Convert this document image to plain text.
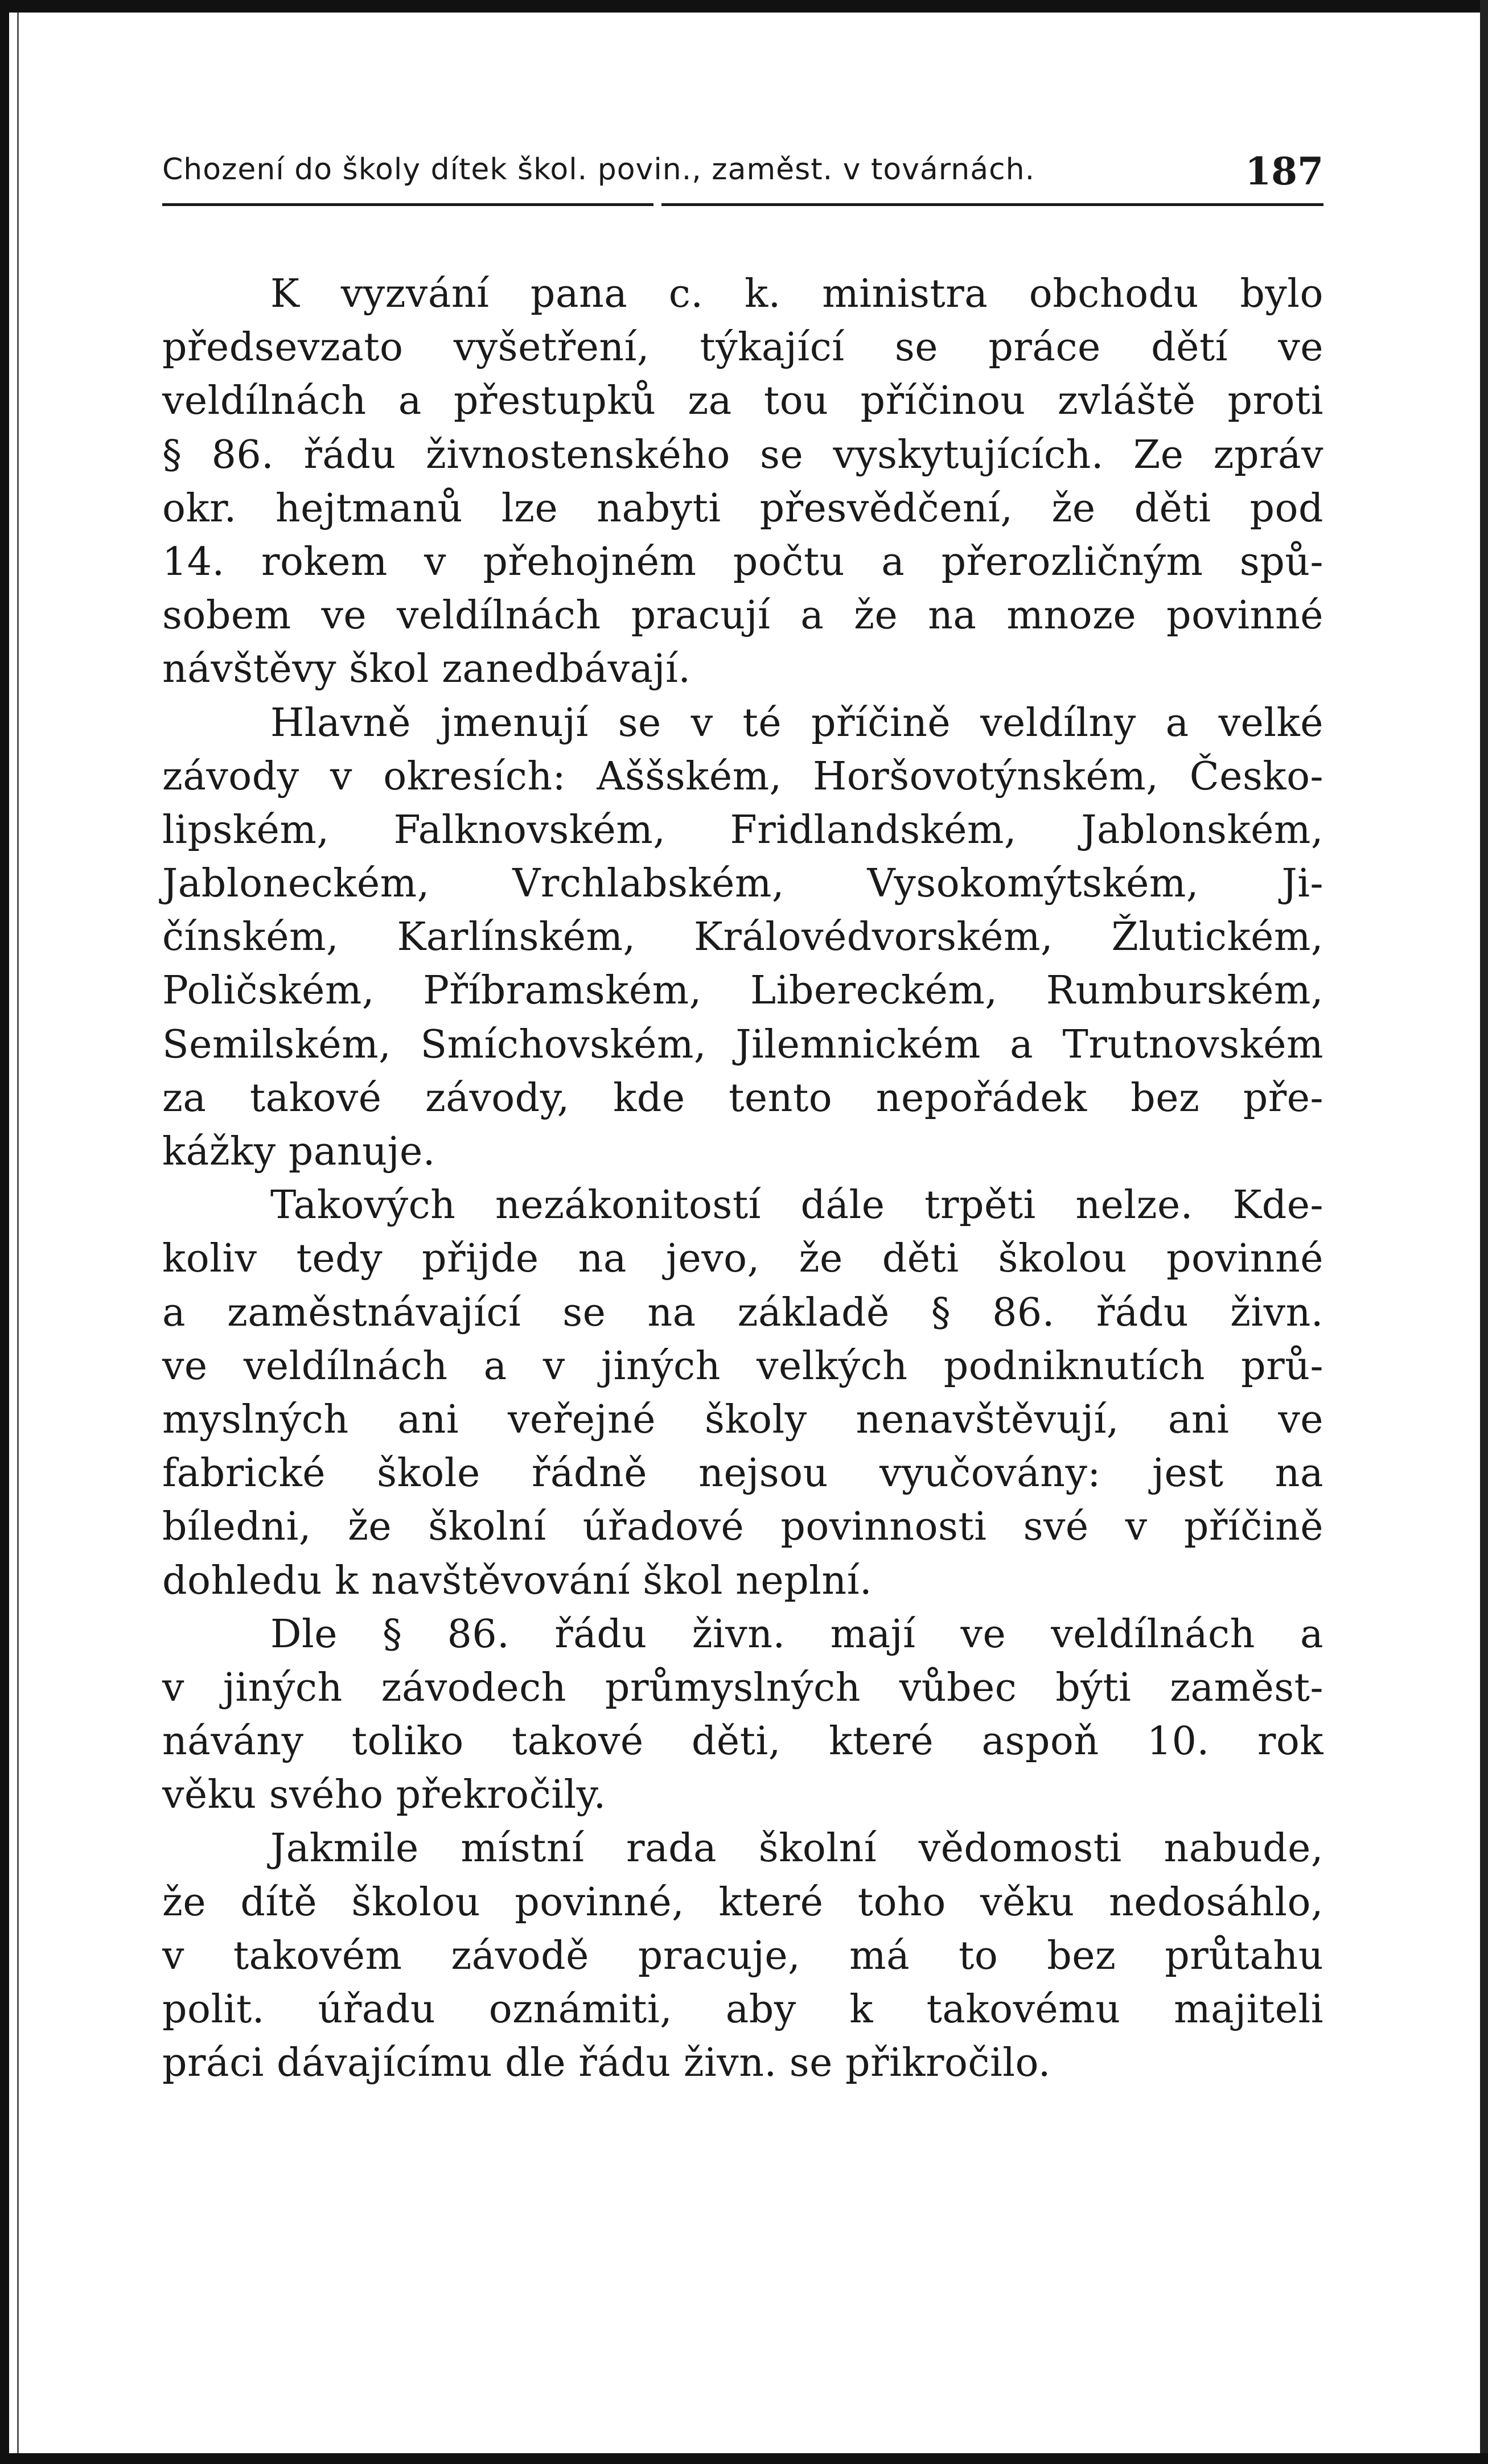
Chození do školy dítek škol. povin., zaměst. v továrnách.	187
K vyzvání pana c. k. ministra obchodu bylo
předsevzato vyšetření, týkající se práce dětí ve
veldílnách a přestupků za tou příčinou zvláště proti
§ 86. řádu živnostenského se vyskytujících. Ze zpráv
okr. hejtmanů lze nabyti přesvědčení, že děti pod
14. rokem v přehojném počtu a přerozličným spů-
sobem ve veldílnách pracují a že na mnoze povinné
návštěvy škol zanedbávají.
Hlavně jmenují se v té příčině veldílny a velké
závody v okresích: Aššském, Horšovotýnském, Česko-
lipském, Falknovském, Fridlandském, Jablonském,
Jabloneckém, Vrchlabském, Vysokomýtském, Ji-
čínském, Karlínském, Královédvorském, Žlutickém,
Poličském, Příbramském, Libereckém, Rumburském,
Semilském, Smíchovském, Jilemnickém a Trutnovském
za takové závody, kde tento nepořádek bez pře-
kážky panuje.
Takových nezákonitostí dále trpěti nelze. Kde-
koliv tedy přijde na jevo, že děti školou povinné
a zaměstnávající se na základě § 86. řádu živn.
ve veldílnách a v jiných velkých podniknutích prů-
myslných ani veřejné školy nenavštěvují, ani ve
fabrické škole řádně nejsou vyučovány: jest na
bíledni, že školní úřadové povinnosti své v příčině
dohledu k navštěvování škol neplní.
Dle § 86. řádu živn. mají ve veldílnách a
v jiných závodech průmyslných vůbec býti zaměst-
návány toliko takové děti, které aspoň 10. rok
věku svého překročily.
Jakmile místní rada školní vědomosti nabude,
že dítě školou povinné, které toho věku nedosáhlo,
v takovém závodě pracuje, má to bez průtahu
polit. úřadu oznámiti, aby k takovému majiteli
práci dávajícímu dle řádu živn. se přikročilo.
